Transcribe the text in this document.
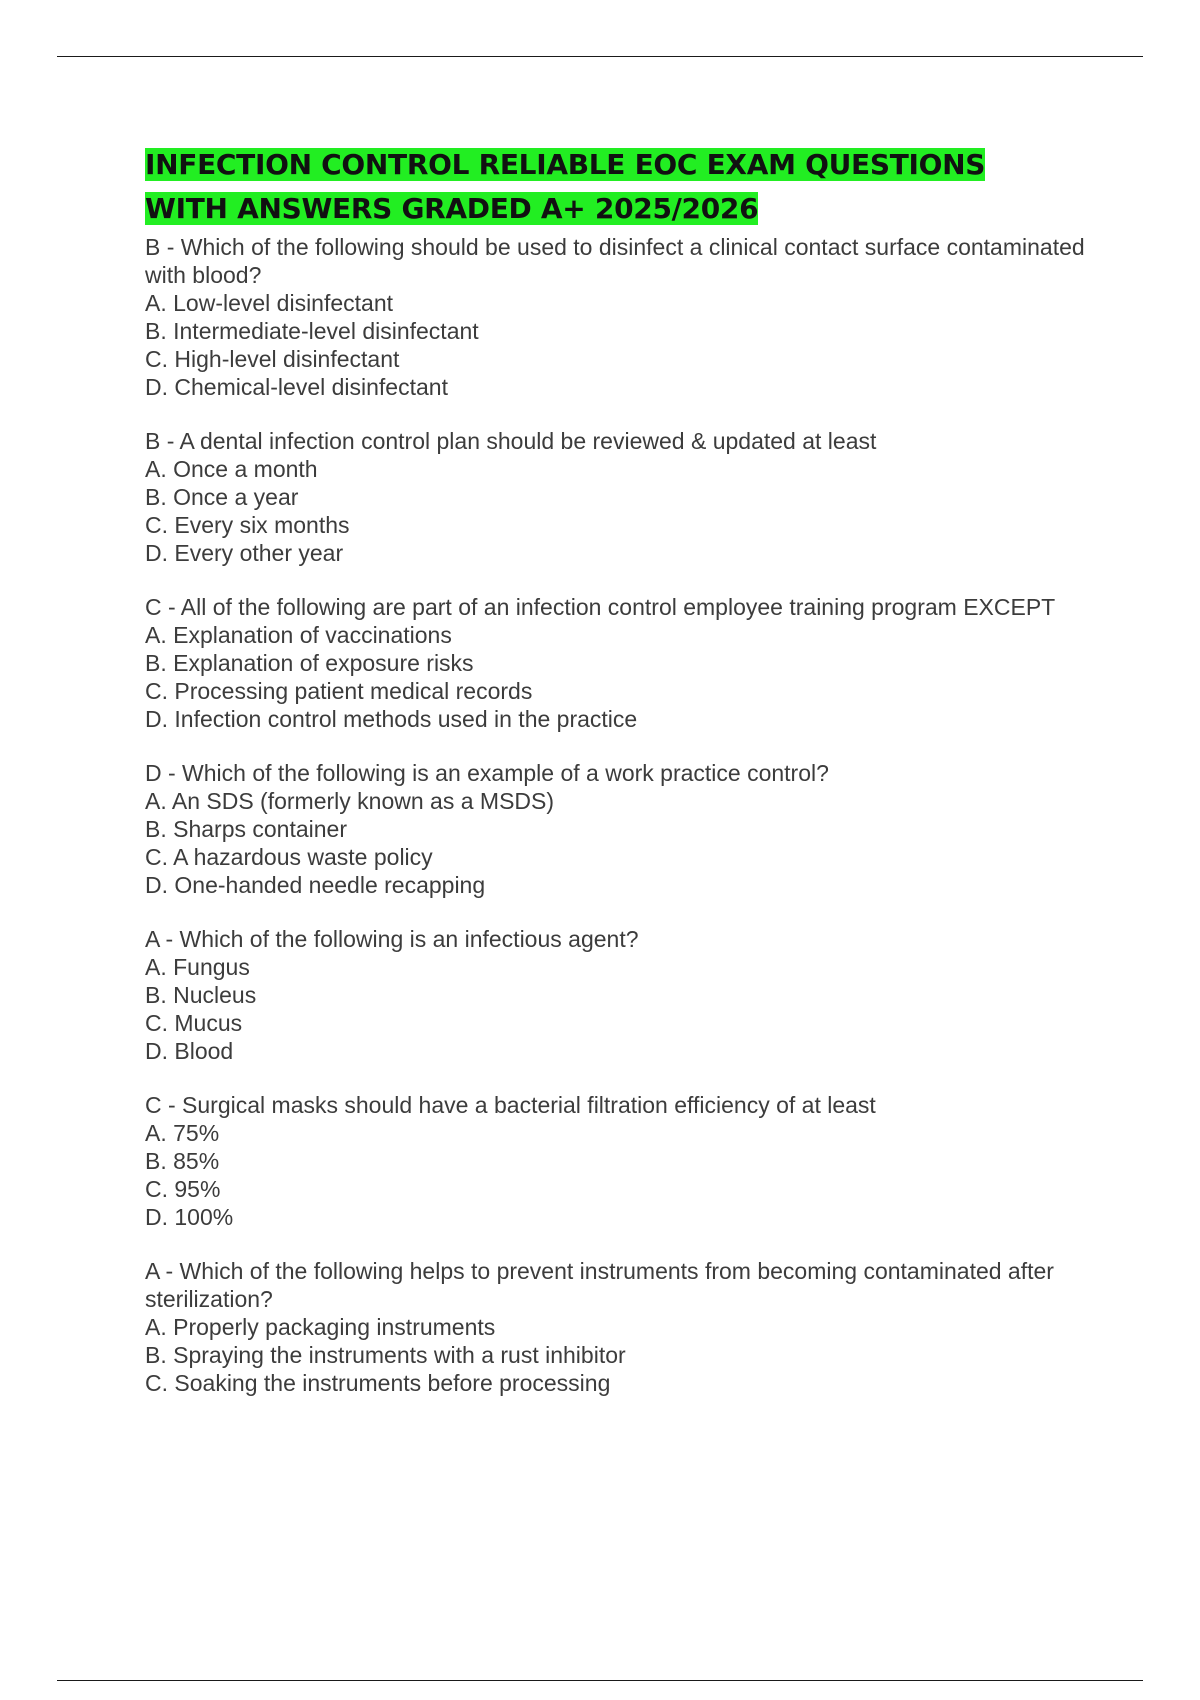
INFECTION CONTROL RELIABLE EOC EXAM QUESTIONS
WITH ANSWERS GRADED A+ 2025/2026

B - Which of the following should be used to disinfect a clinical contact surface contaminated with blood?

A. Low-level disinfectant

B. Intermediate-level disinfectant

C. High-level disinfectant

D. Chemical-level disinfectant

B - A dental infection control plan should be reviewed & updated at least

A. Once a month

B. Once a year

C. Every six months

D. Every other year

C - All of the following are part of an infection control employee training program EXCEPT

A. Explanation of vaccinations

B. Explanation of exposure risks

C. Processing patient medical records

D. Infection control methods used in the practice

D - Which of the following is an example of a work practice control?

A. An SDS (formerly known as a MSDS)

B. Sharps container

C. A hazardous waste policy

D. One-handed needle recapping

A - Which of the following is an infectious agent?

A. Fungus

B. Nucleus

C. Mucus

D. Blood

C - Surgical masks should have a bacterial filtration efficiency of at least

A. 75%

B. 85%

C. 95%

D. 100%

A - Which of the following helps to prevent instruments from becoming contaminated after sterilization?

A. Properly packaging instruments

B. Spraying the instruments with a rust inhibitor

C. Soaking the instruments before processing
